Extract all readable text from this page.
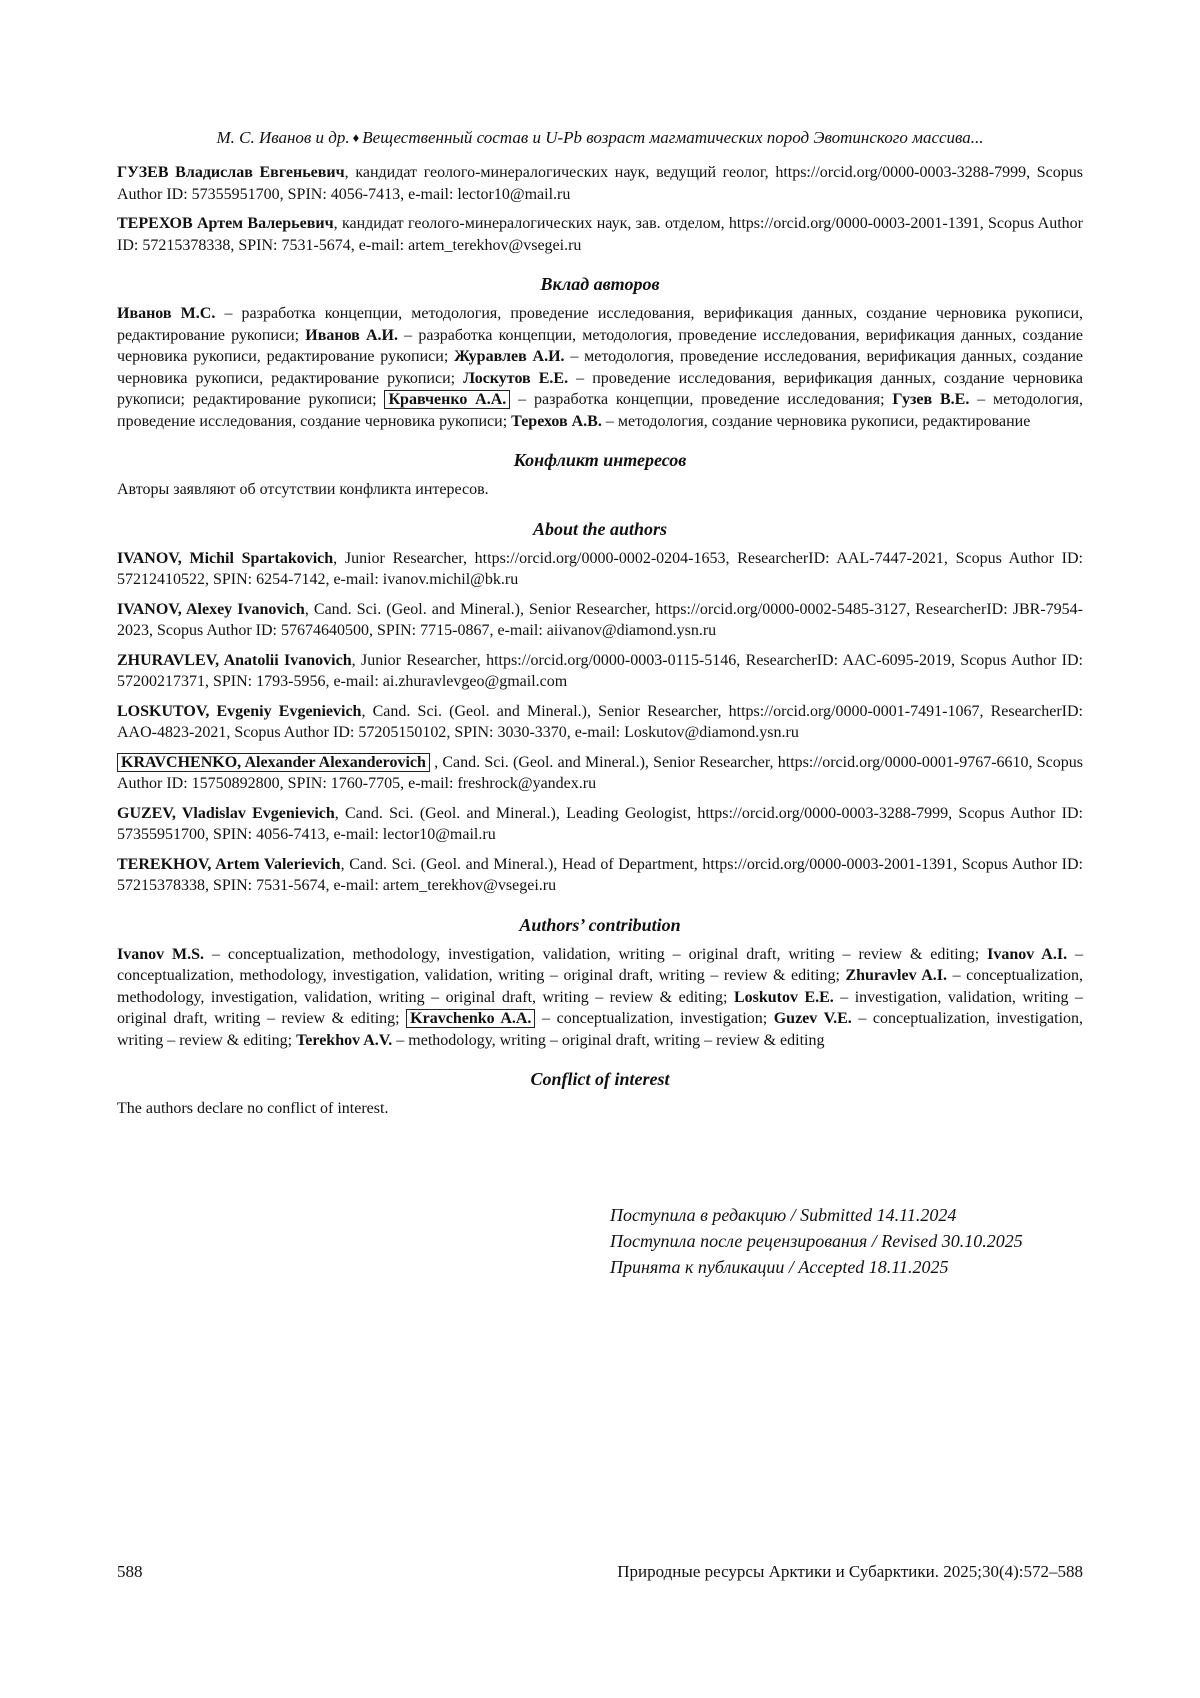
М. С. Иванов и др. ♦ Вещественный состав и U-Pb возраст магматических пород Эвотинского массива...

ГУЗЕВ Владислав Евгеньевич, кандидат геолого-минералогических наук, ведущий геолог, https://orcid.org/0000-0003-3288-7999, Scopus Author ID: 57355951700, SPIN: 4056-7413, e-mail: lector10@mail.ru

ТЕРЕХОВ Артем Валерьевич, кандидат геолого-минералогических наук, зав. отделом, https://orcid.org/0000-0003-2001-1391, Scopus Author ID: 57215378338, SPIN: 7531-5674, e-mail: artem_terekhov@vsegei.ru

Вклад авторов

Иванов М.С. – разработка концепции, методология, проведение исследования, верификация данных, создание черновика рукописи, редактирование рукописи; Иванов А.И. – разработка концепции, методология, проведение исследования, верификация данных, создание черновика рукописи, редактирование рукописи; Журавлев А.И. – методология, проведение исследования, верификация данных, создание черновика рукописи, редактирование рукописи; Лоскутов Е.Е. – проведение исследования, верификация данных, создание черновика рукописи; редактирование рукописи; Кравченко А.А. – разработка концепции, проведение исследования; Гузев В.Е. – методология, проведение исследования, создание черновика рукописи; Терехов А.В. – методология, создание черновика рукописи, редактирование

Конфликт интересов

Авторы заявляют об отсутствии конфликта интересов.

About the authors

IVANOV, Michil Spartakovich, Junior Researcher, https://orcid.org/0000-0002-0204-1653, ResearcherID: AAL-7447-2021, Scopus Author ID: 57212410522, SPIN: 6254-7142, e-mail: ivanov.michil@bk.ru

IVANOV, Alexey Ivanovich, Cand. Sci. (Geol. and Mineral.), Senior Researcher, https://orcid.org/0000-0002-5485-3127, ResearcherID: JBR-7954-2023, Scopus Author ID: 57674640500, SPIN: 7715-0867, e-mail: aiivanov@diamond.ysn.ru

ZHURAVLEV, Anatolii Ivanovich, Junior Researcher, https://orcid.org/0000-0003-0115-5146, ResearcherID: AAC-6095-2019, Scopus Author ID: 57200217371, SPIN: 1793-5956, e-mail: ai.zhuravlevgeo@gmail.com

LOSKUTOV, Evgeniy Evgenievich, Cand. Sci. (Geol. and Mineral.), Senior Researcher, https://orcid.org/0000-0001-7491-1067, ResearcherID: AAO-4823-2021, Scopus Author ID: 57205150102, SPIN: 3030-3370, e-mail: Loskutov@diamond.ysn.ru

KRAVCHENKO, Alexander Alexanderovich , Cand. Sci. (Geol. and Mineral.), Senior Researcher, https://orcid.org/0000-0001-9767-6610, Scopus Author ID: 15750892800, SPIN: 1760-7705, e-mail: freshrock@yandex.ru

GUZEV, Vladislav Evgenievich, Cand. Sci. (Geol. and Mineral.), Leading Geologist, https://orcid.org/0000-0003-3288-7999, Scopus Author ID: 57355951700, SPIN: 4056-7413, e-mail: lector10@mail.ru

TEREKHOV, Artem Valerievich, Cand. Sci. (Geol. and Mineral.), Head of Department, https://orcid.org/0000-0003-2001-1391, Scopus Author ID: 57215378338, SPIN: 7531-5674, e-mail: artem_terekhov@vsegei.ru

Authors’ contribution

Ivanov M.S. – conceptualization, methodology, investigation, validation, writing – original draft, writing – review & editing; Ivanov A.I. – conceptualization, methodology, investigation, validation, writing – original draft, writing – review & editing; Zhuravlev A.I. – conceptualization, methodology, investigation, validation, writing – original draft, writing – review & editing; Loskutov E.E. – investigation, validation, writing – original draft, writing – review & editing; Kravchenko A.A. – conceptualization, investigation; Guzev V.E. – conceptualization, investigation, writing – review & editing; Terekhov A.V. – methodology, writing – original draft, writing – review & editing

Conflict of interest

The authors declare no conflict of interest.

Поступила в редакцию / Submitted 14.11.2024
Поступила после рецензирования / Revised 30.10.2025
Принята к публикации / Accepted 18.11.2025
588	Природные ресурсы Арктики и Субарктики. 2025;30(4):572–588
